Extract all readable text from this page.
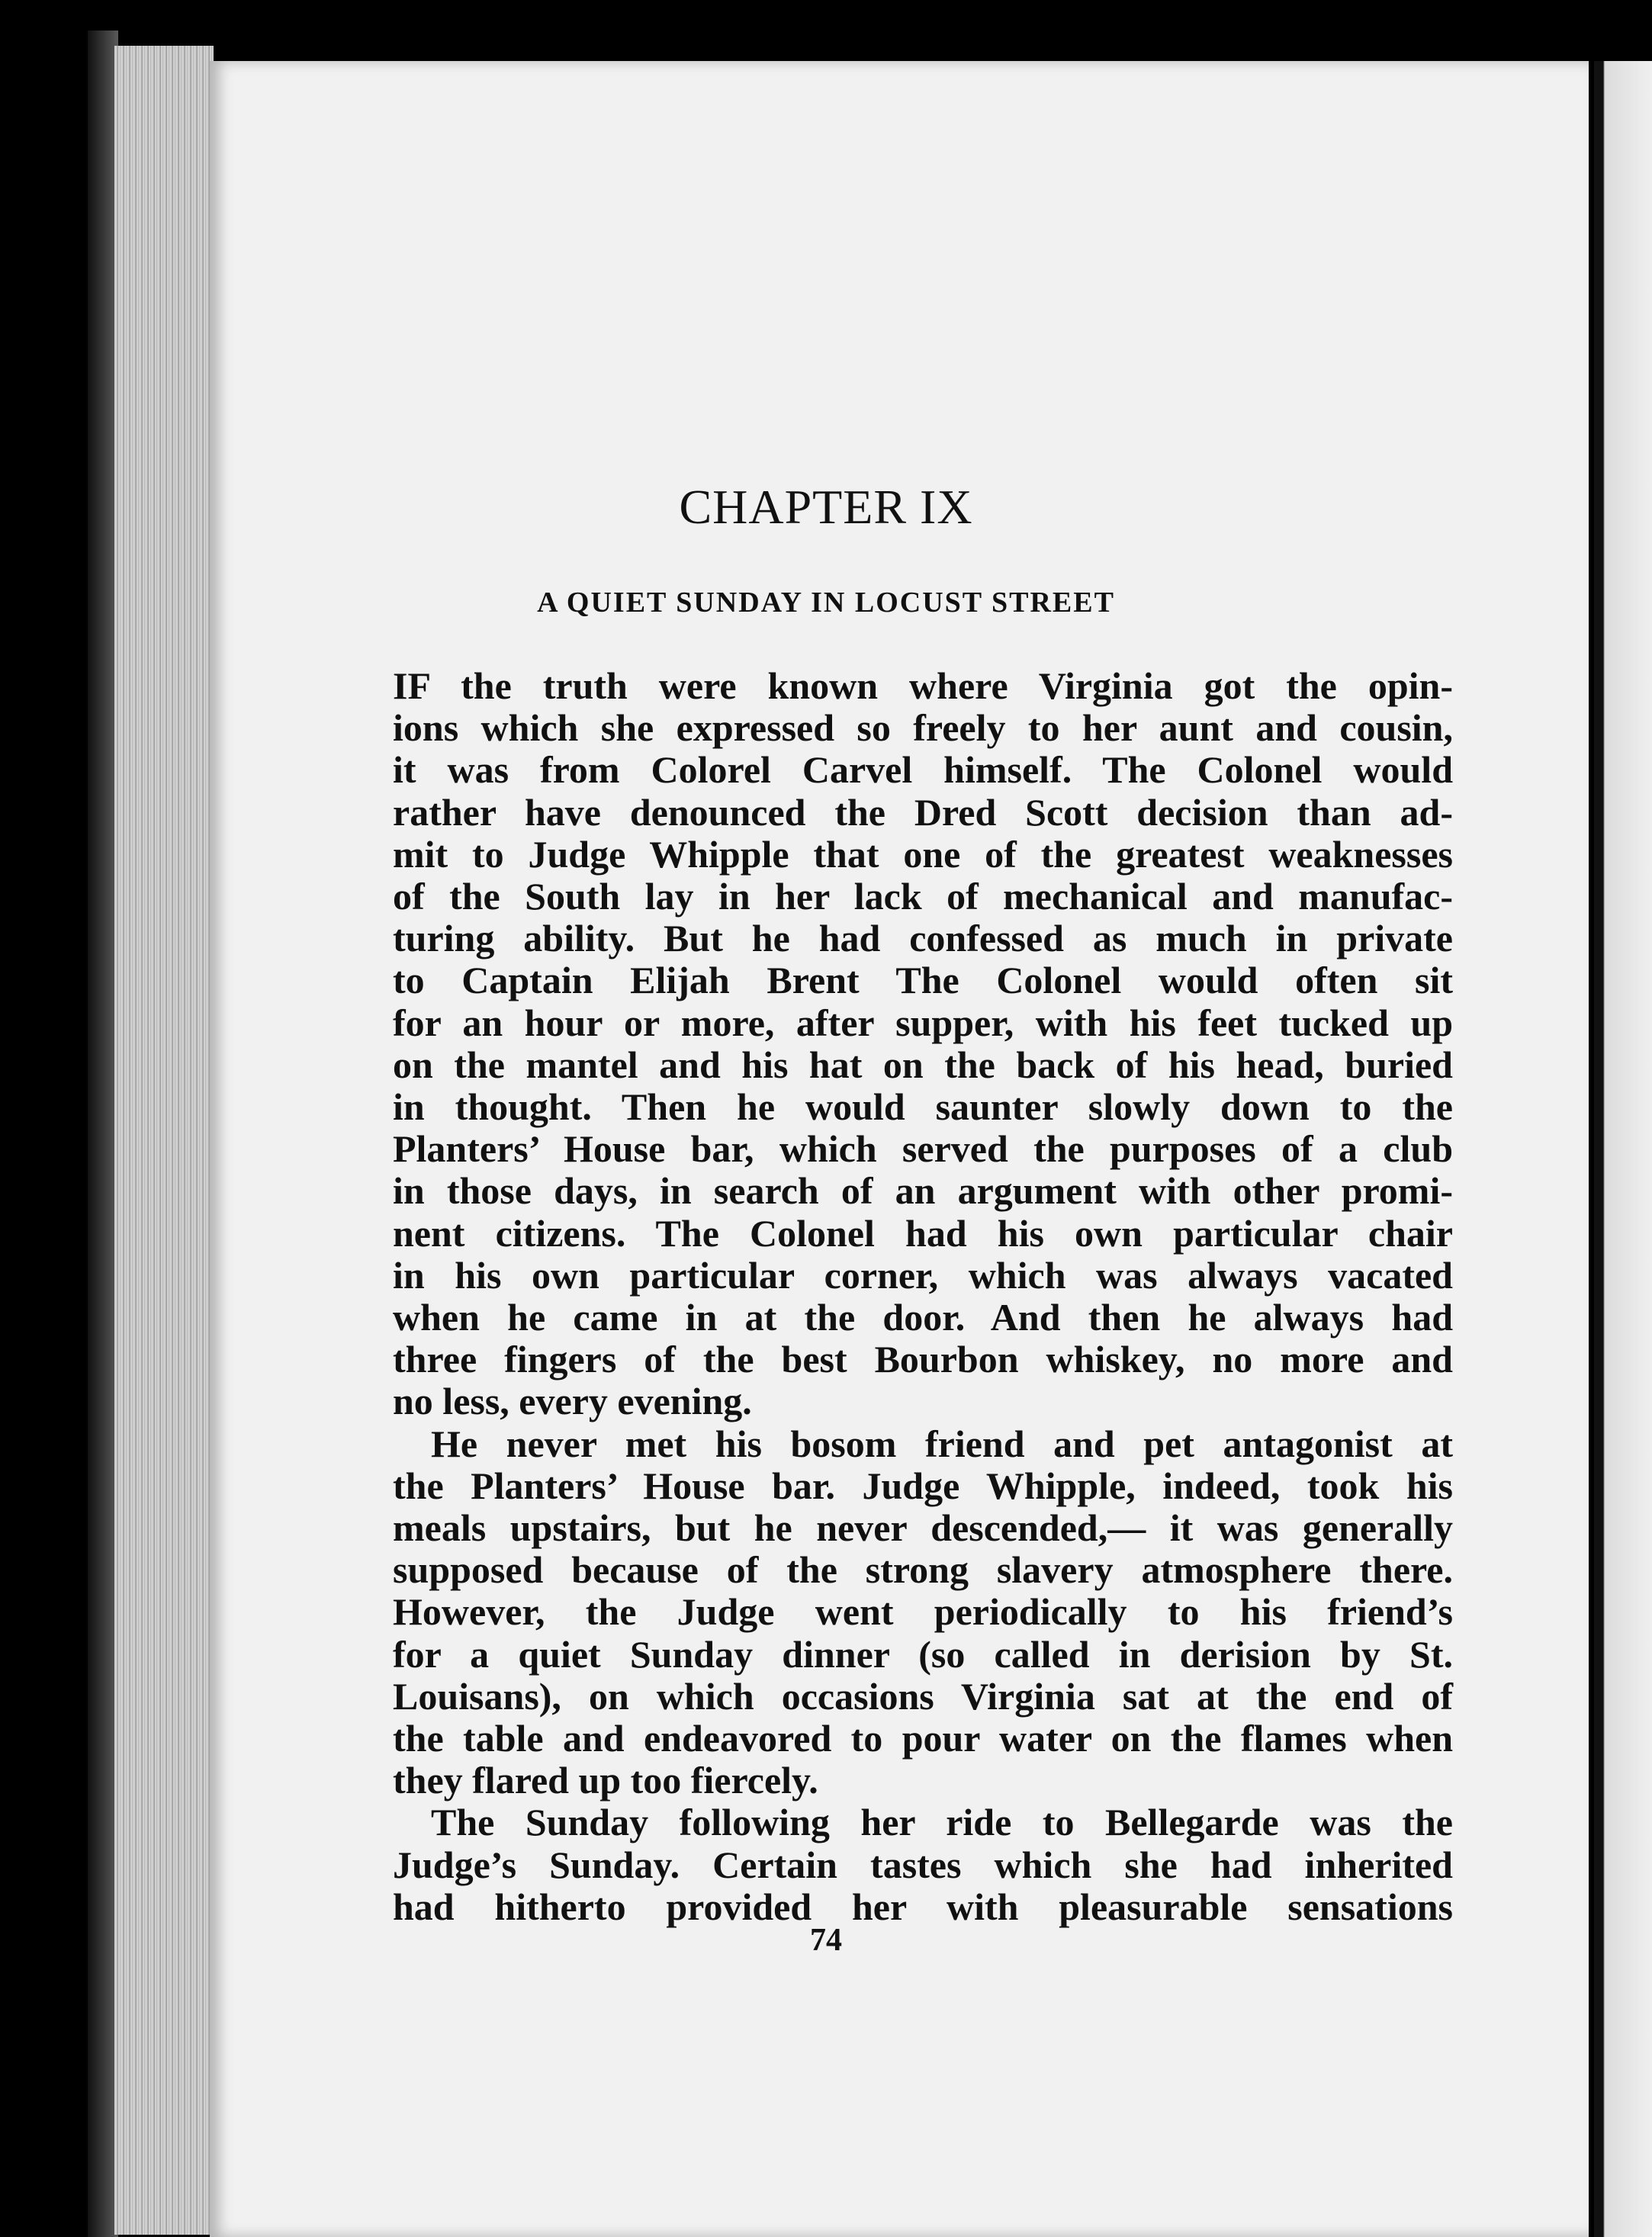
CHAPTER IX
A QUIET SUNDAY IN LOCUST STREET
IF the truth were known where Virginia got the opin-
ions which she expressed so freely to her aunt and cousin,
it was from Colorel Carvel himself. The Colonel would
rather have denounced the Dred Scott decision than ad-
mit to Judge Whipple that one of the greatest weaknesses
of the South lay in her lack of mechanical and manufac-
turing ability. But he had confessed as much in private
to Captain Elijah Brent The Colonel would often sit
for an hour or more, after supper, with his feet tucked up
on the mantel and his hat on the back of his head, buried
in thought. Then he would saunter slowly down to the
Planters’ House bar, which served the purposes of a club
in those days, in search of an argument with other promi-
nent citizens. The Colonel had his own particular chair
in his own particular corner, which was always vacated
when he came in at the door. And then he always had
three fingers of the best Bourbon whiskey, no more and
no less, every evening.
He never met his bosom friend and pet antagonist at
the Planters’ House bar. Judge Whipple, indeed, took his
meals upstairs, but he never descended,— it was generally
supposed because of the strong slavery atmosphere there.
However, the Judge went periodically to his friend’s
for a quiet Sunday dinner (so called in derision by St.
Louisans), on which occasions Virginia sat at the end of
the table and endeavored to pour water on the flames when
they flared up too fiercely.
The Sunday following her ride to Bellegarde was the
Judge’s Sunday. Certain tastes which she had inherited
had hitherto provided her with pleasurable sensations
74
